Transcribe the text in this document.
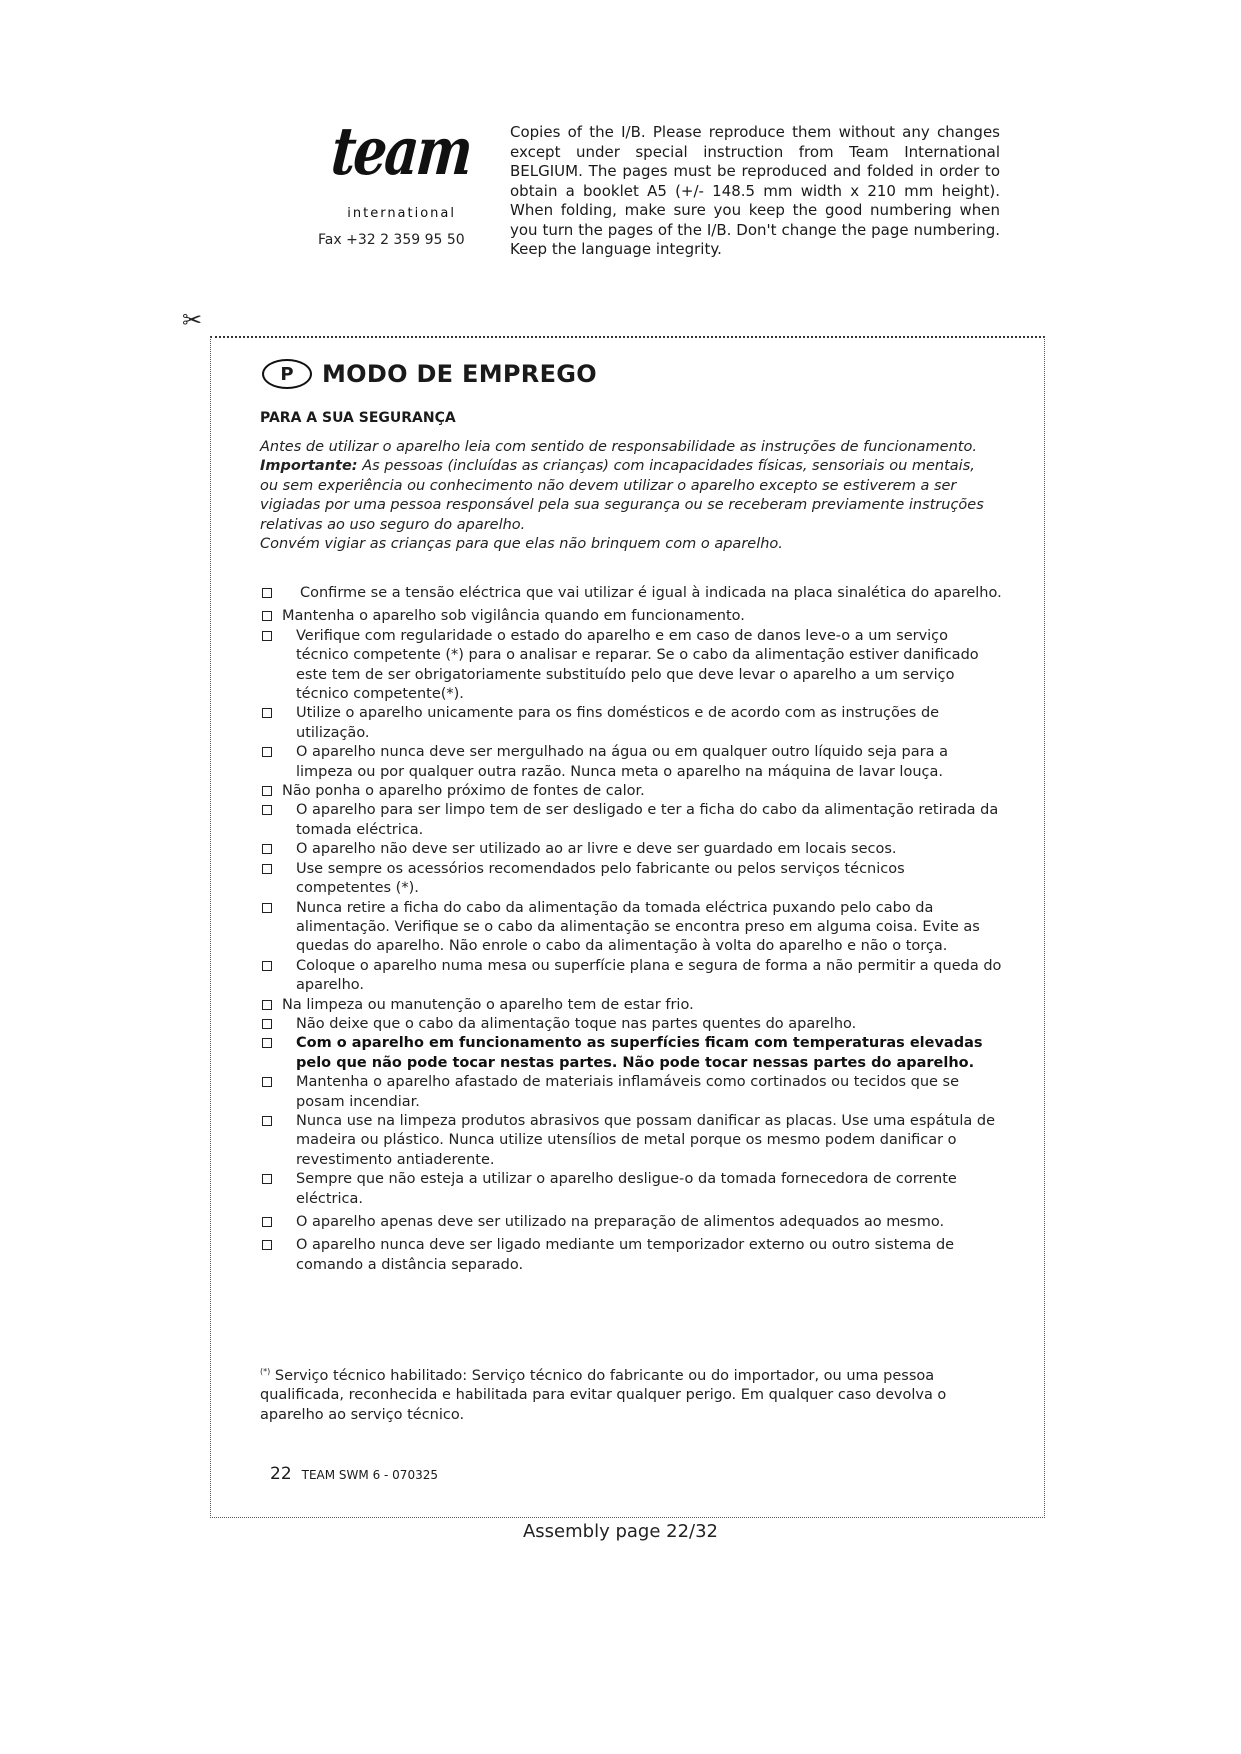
team
international
Fax +32 2 359 95 50
Copies of the I/B. Please reproduce them without any changes except under special instruction from Team International BELGIUM. The pages must be reproduced and folded in order to obtain a booklet A5 (+/- 148.5 mm width x 210 mm height). When folding, make sure you keep the good numbering when you turn the pages of the I/B. Don't change the page numbering. Keep the language integrity.
✂
P	MODO DE EMPREGO
PARA A SUA SEGURANÇA

Antes de utilizar o aparelho leia com sentido de responsabilidade as instruções de funcionamento.

Importante: As pessoas (incluídas as crianças) com incapacidades físicas, sensoriais ou mentais, ou sem experiência ou conhecimento não devem utilizar o aparelho excepto se estiverem a ser vigiadas por uma pessoa responsável pela sua segurança ou se receberam previamente instruções relativas ao uso seguro do aparelho.

Convém vigiar as crianças para que elas não brinquem com o aparelho.

Confirme se a tensão eléctrica que vai utilizar é igual à indicada na placa sinalética do aparelho.
Mantenha o aparelho sob vigilância quando em funcionamento.
Verifique com regularidade o estado do aparelho e em caso de danos leve-o a um serviço técnico competente (*) para o analisar e reparar. Se o cabo da alimentação estiver danificado este tem de ser obrigatoriamente substituído pelo que deve levar o aparelho a um serviço técnico competente(*).
Utilize o aparelho unicamente para os fins domésticos e de acordo com as instruções de utilização.
O aparelho nunca deve ser mergulhado na água ou em qualquer outro líquido seja para a limpeza ou por qualquer outra razão. Nunca meta o aparelho na máquina de lavar louça.
Não ponha o aparelho próximo de fontes de calor.
O aparelho para ser limpo tem de ser desligado e ter a ficha do cabo da alimentação retirada da tomada eléctrica.
O aparelho não deve ser utilizado ao ar livre e deve ser guardado em locais secos.
Use sempre os acessórios recomendados pelo fabricante ou pelos serviços técnicos competentes (*).
Nunca retire a ficha do cabo da alimentação da tomada eléctrica puxando pelo cabo da alimentação. Verifique se o cabo da alimentação se encontra preso em alguma coisa. Evite as quedas do aparelho. Não enrole o cabo da alimentação à volta do aparelho e não o torça.
Coloque o aparelho numa mesa ou superfície plana e segura de forma a não permitir a queda do aparelho.
Na limpeza ou manutenção o aparelho tem de estar frio.
Não deixe que o cabo da alimentação toque nas partes quentes do aparelho.
Com o aparelho em funcionamento as superfícies ficam com temperaturas elevadas pelo que não pode tocar nestas partes. Não pode tocar nessas partes do aparelho.
Mantenha o aparelho afastado de materiais inflamáveis como cortinados ou tecidos que se posam incendiar.
Nunca use na limpeza produtos abrasivos que possam danificar as placas. Use uma espátula de madeira ou plástico. Nunca utilize utensílios de metal porque os mesmo podem danificar o revestimento antiaderente.
Sempre que não esteja a utilizar o aparelho desligue-o da tomada fornecedora de corrente eléctrica.
O aparelho apenas deve ser utilizado na preparação de alimentos adequados ao mesmo.
O aparelho nunca deve ser ligado mediante um temporizador externo ou outro sistema de comando a distância separado.
(*) Serviço técnico habilitado: Serviço técnico do fabricante ou do importador, ou uma pessoa qualificada, reconhecida e habilitada para evitar qualquer perigo. Em qualquer caso devolva o aparelho ao serviço técnico.
22 TEAM SWM 6 - 070325
Assembly page 22/32
